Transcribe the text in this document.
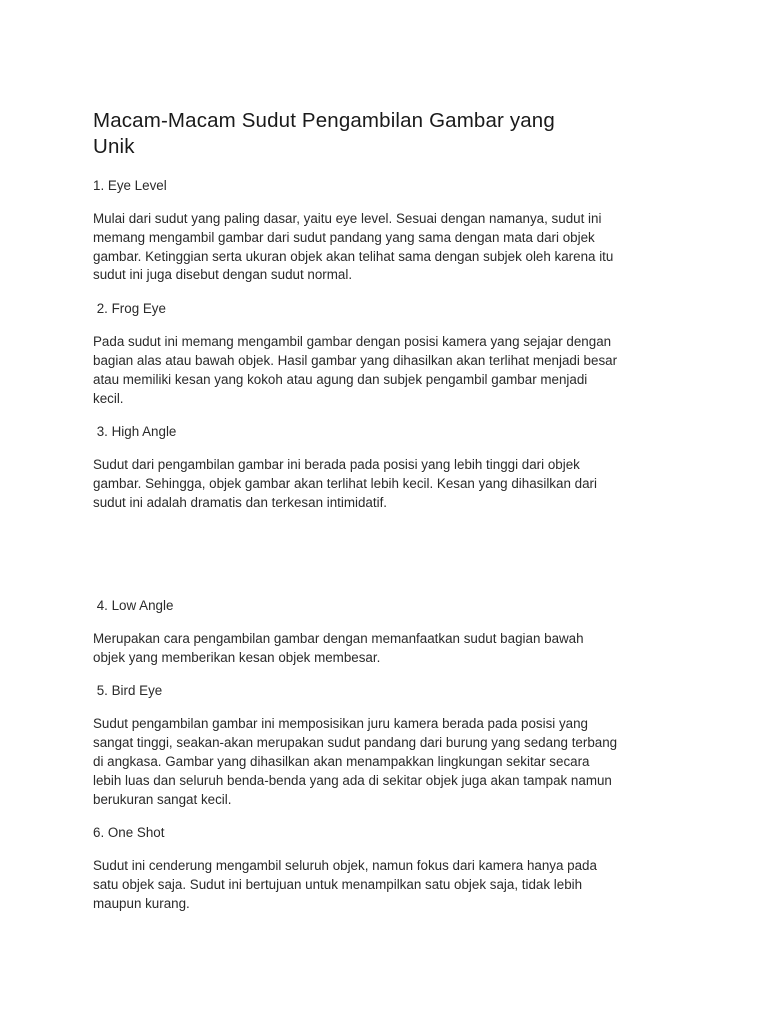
Macam-Macam Sudut Pengambilan Gambar yang
Unik

1. Eye Level

Mulai dari sudut yang paling dasar, yaitu eye level. Sesuai dengan namanya, sudut ini
memang mengambil gambar dari sudut pandang yang sama dengan mata dari objek
gambar. Ketinggian serta ukuran objek akan telihat sama dengan subjek oleh karena itu
sudut ini juga disebut dengan sudut normal.

2. Frog Eye

Pada sudut ini memang mengambil gambar dengan posisi kamera yang sejajar dengan
bagian alas atau bawah objek. Hasil gambar yang dihasilkan akan terlihat menjadi besar
atau memiliki kesan yang kokoh atau agung dan subjek pengambil gambar menjadi
kecil.

3. High Angle

Sudut dari pengambilan gambar ini berada pada posisi yang lebih tinggi dari objek
gambar. Sehingga, objek gambar akan terlihat lebih kecil. Kesan yang dihasilkan dari
sudut ini adalah dramatis dan terkesan intimidatif.

4. Low Angle

Merupakan cara pengambilan gambar dengan memanfaatkan sudut bagian bawah
objek yang memberikan kesan objek membesar.

5. Bird Eye

Sudut pengambilan gambar ini memposisikan juru kamera berada pada posisi yang
sangat tinggi, seakan-akan merupakan sudut pandang dari burung yang sedang terbang
di angkasa. Gambar yang dihasilkan akan menampakkan lingkungan sekitar secara
lebih luas dan seluruh benda-benda yang ada di sekitar objek juga akan tampak namun
berukuran sangat kecil.

6. One Shot

Sudut ini cenderung mengambil seluruh objek, namun fokus dari kamera hanya pada
satu objek saja. Sudut ini bertujuan untuk menampilkan satu objek saja, tidak lebih
maupun kurang.
